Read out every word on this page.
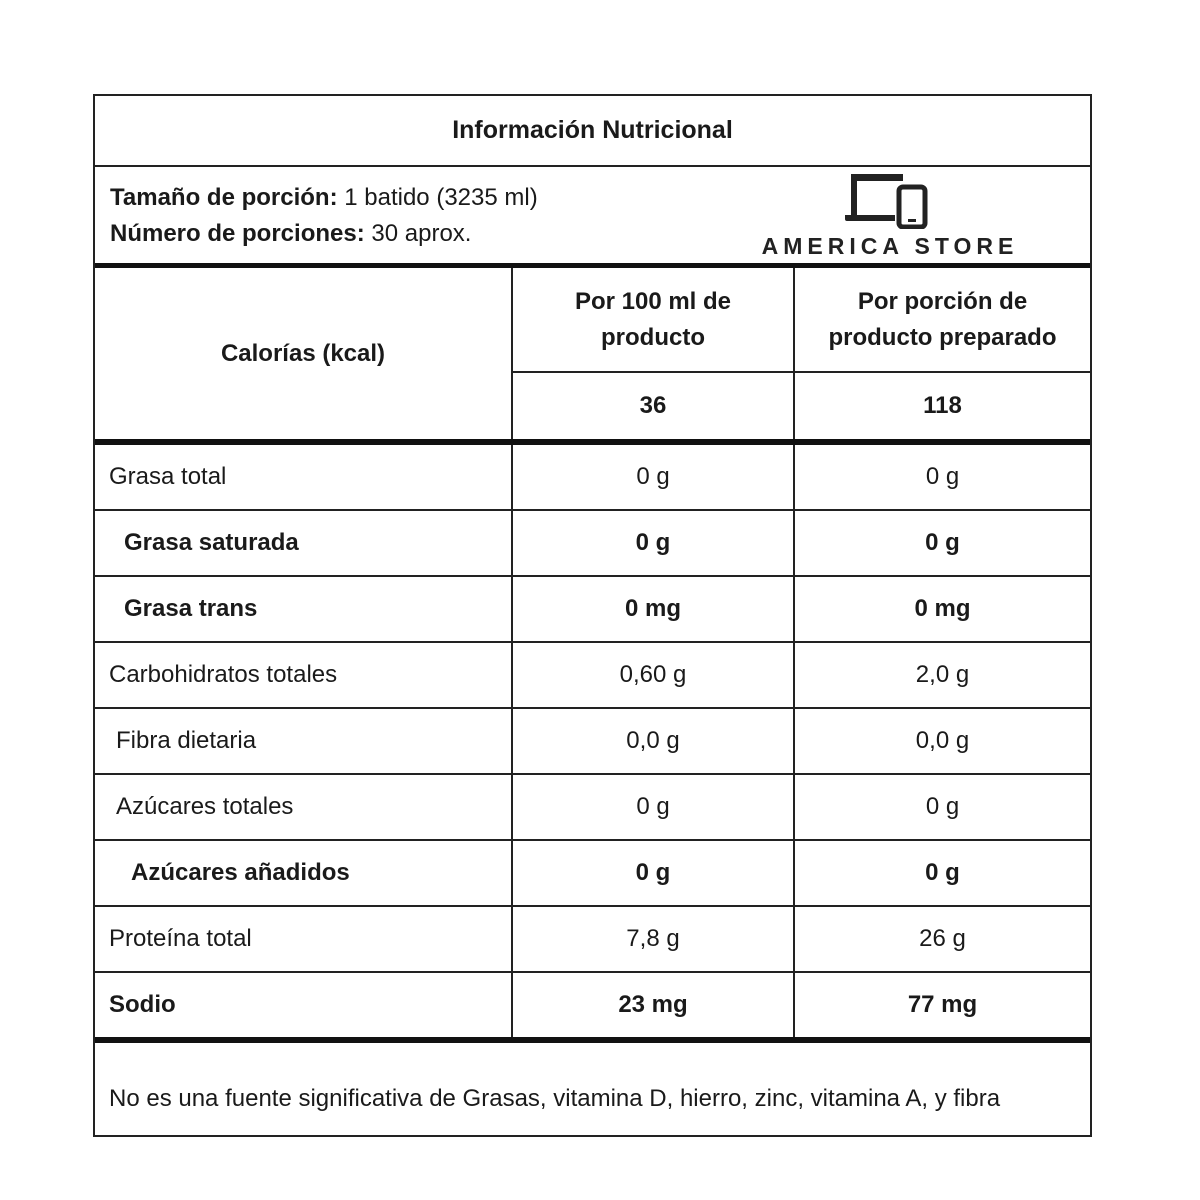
Información Nutricional
Tamaño de porción: 1 batido (3235 ml)
Número de porciones: 30 aprox.	AMERICA STORE
Calorías (kcal)	Por 100 ml de producto	Por porción de producto preparado
	36	118
Grasa total	0 g	0 g
Grasa saturada	0 g	0 g
Grasa trans	0 mg	0 mg
Carbohidratos totales	0,60 g	2,0 g
Fibra dietaria	0,0 g	0,0 g
Azúcares totales	0 g	0 g
Azúcares añadidos	0 g	0 g
Proteína total	7,8 g	26 g
Sodio	23 mg	77 mg
No es una fuente significativa de Grasas, vitamina D, hierro, zinc, vitamina A, y fibra
